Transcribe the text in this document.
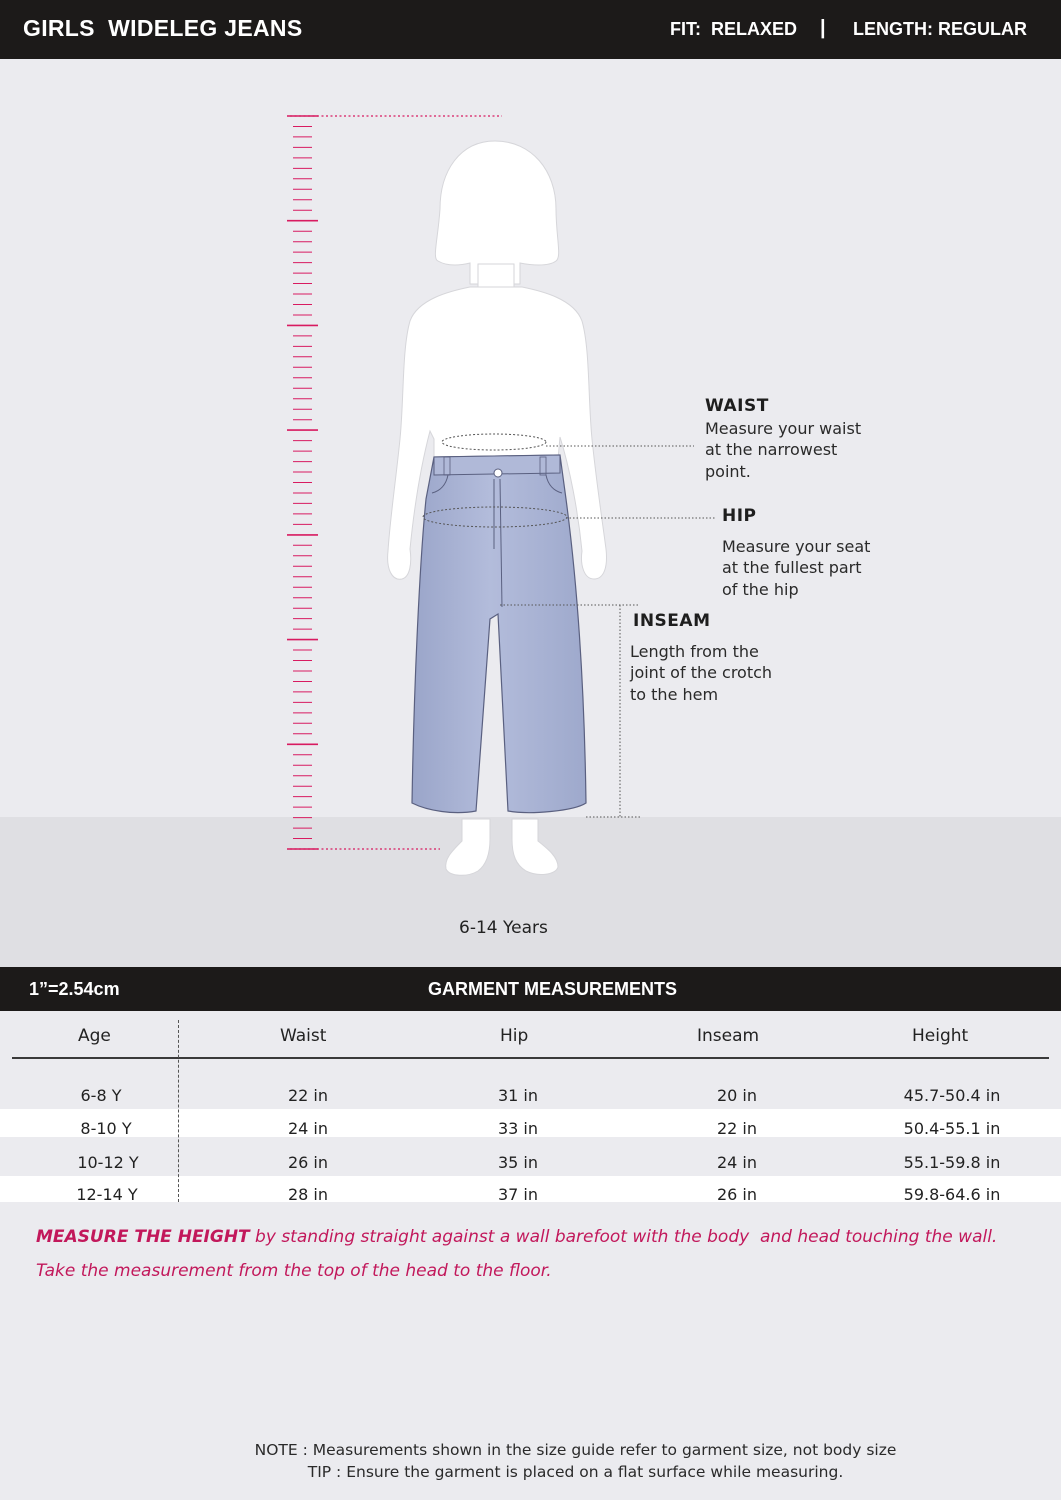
GIRLS  WIDELEG JEANS	FIT:  RELAXED | LENGTH: REGULAR
WAIST
Measure your waist
at the narrowest
point.
HIP
Measure your seat
at the fullest part
of the hip
INSEAM
Length from the
joint of the crotch
to the hem
6-14 Years
1”=2.54cm	GARMENT MEASUREMENTS
Age	Waist	Hip	Inseam	Height
6-8 Y	22 in	31 in	20 in	45.7-50.4 in
8-10 Y	24 in	33 in	22 in	50.4-55.1 in
10-12 Y	26 in	35 in	24 in	55.1-59.8 in
12-14 Y	28 in	37 in	26 in	59.8-64.6 in
MEASURE THE HEIGHT by standing straight against a wall barefoot with the body  and head touching the wall.
Take the measurement from the top of the head to the floor.
NOTE : Measurements shown in the size guide refer to garment size, not body size
TIP : Ensure the garment is placed on a flat surface while measuring.
